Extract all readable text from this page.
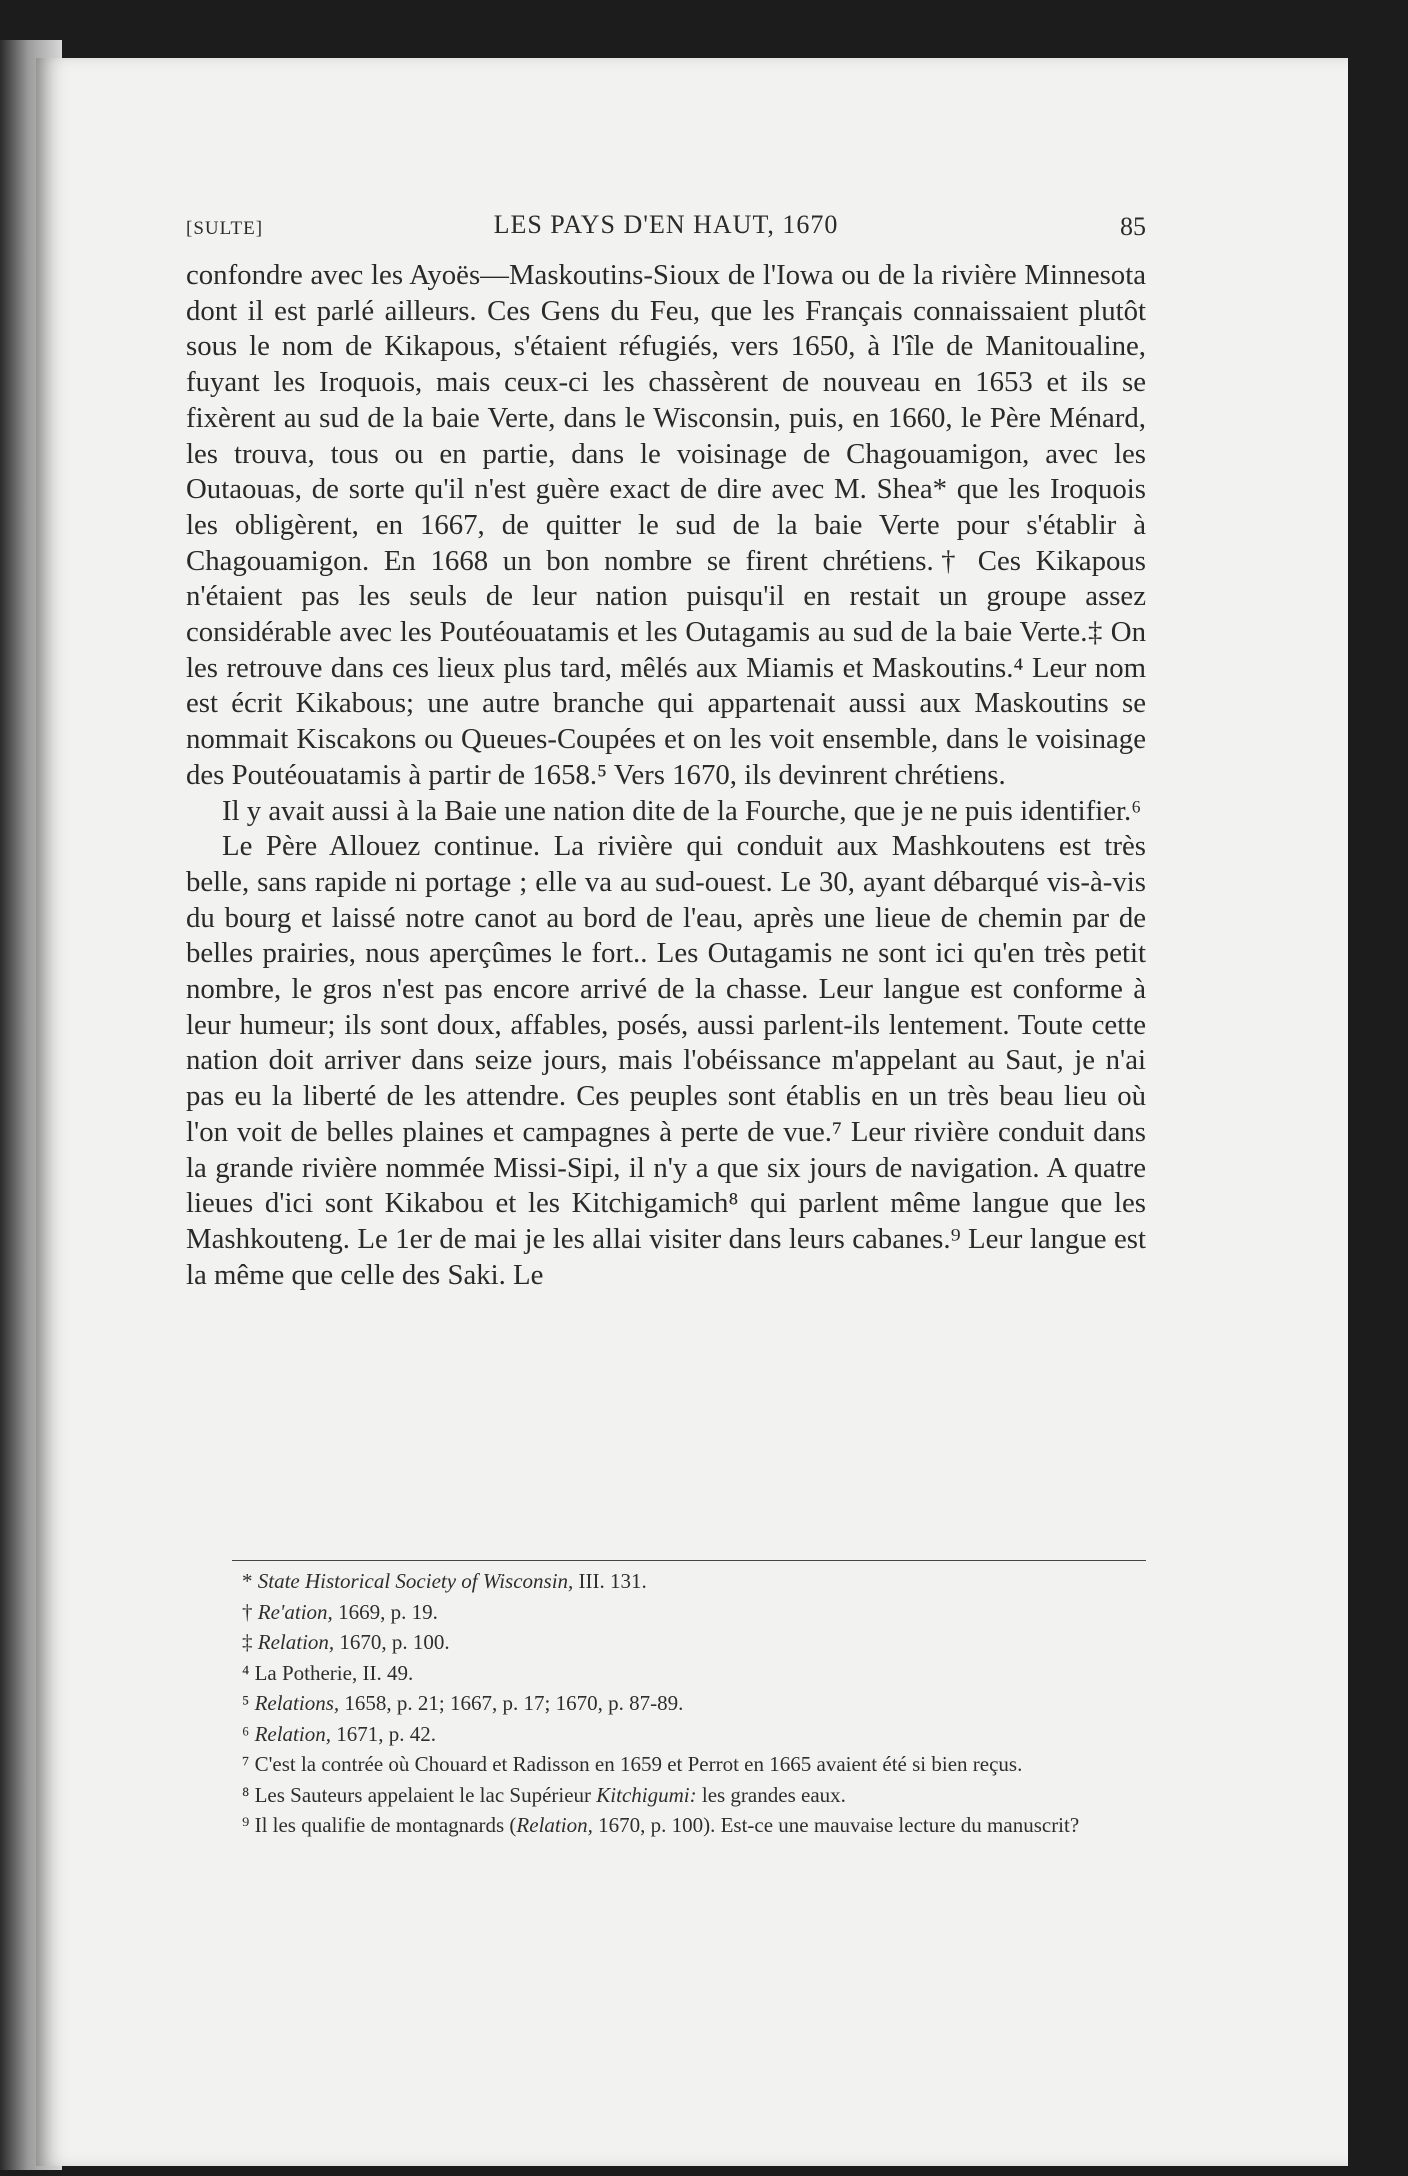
[SULTE]	LES PAYS D'EN HAUT, 1670	85

confondre avec les Ayoës—Maskoutins-Sioux de l'Iowa ou de la rivière Minnesota dont il est parlé ailleurs. Ces Gens du Feu, que les Français connaissaient plutôt sous le nom de Kikapous, s'étaient réfugiés, vers 1650, à l'île de Manitoualine, fuyant les Iroquois, mais ceux-ci les chassèrent de nouveau en 1653 et ils se fixèrent au sud de la baie Verte, dans le Wisconsin, puis, en 1660, le Père Ménard, les trouva, tous ou en partie, dans le voisinage de Chagouamigon, avec les Outaouas, de sorte qu'il n'est guère exact de dire avec M. Shea* que les Iroquois les obligèrent, en 1667, de quitter le sud de la baie Verte pour s'établir à Chagouamigon. En 1668 un bon nombre se firent chrétiens.† Ces Kikapous n'étaient pas les seuls de leur nation puisqu'il en restait un groupe assez considérable avec les Poutéouatamis et les Outagamis au sud de la baie Verte.‡ On les retrouve dans ces lieux plus tard, mêlés aux Miamis et Maskoutins.⁴ Leur nom est écrit Kikabous; une autre branche qui appartenait aussi aux Maskoutins se nommait Kiscakons ou Queues-Coupées et on les voit ensemble, dans le voisinage des Poutéouatamis à partir de 1658.⁵ Vers 1670, ils devinrent chrétiens.

Il y avait aussi à la Baie une nation dite de la Fourche, que je ne puis identifier.⁶

Le Père Allouez continue. La rivière qui conduit aux Mashkoutens est très belle, sans rapide ni portage ; elle va au sud-ouest. Le 30, ayant débarqué vis-à-vis du bourg et laissé notre canot au bord de l'eau, après une lieue de chemin par de belles prairies, nous aperçûmes le fort.. Les Outagamis ne sont ici qu'en très petit nombre, le gros n'est pas encore arrivé de la chasse. Leur langue est conforme à leur humeur; ils sont doux, affables, posés, aussi parlent-ils lentement. Toute cette nation doit arriver dans seize jours, mais l'obéissance m'appelant au Saut, je n'ai pas eu la liberté de les attendre. Ces peuples sont établis en un très beau lieu où l'on voit de belles plaines et campagnes à perte de vue.⁷ Leur rivière conduit dans la grande rivière nommée Missi-Sipi, il n'y a que six jours de navigation. A quatre lieues d'ici sont Kikabou et les Kitchigamich⁸ qui parlent même langue que les Mashkouteng. Le 1er de mai je les allai visiter dans leurs cabanes.⁹ Leur langue est la même que celle des Saki. Le

* State Historical Society of Wisconsin, III. 131.

† Re'ation, 1669, p. 19.

‡ Relation, 1670, p. 100.

⁴ La Potherie, II. 49.

⁵ Relations, 1658, p. 21; 1667, p. 17; 1670, p. 87-89.

⁶ Relation, 1671, p. 42.

⁷ C'est la contrée où Chouard et Radisson en 1659 et Perrot en 1665 avaient été si bien reçus.

⁸ Les Sauteurs appelaient le lac Supérieur Kitchigumi: les grandes eaux.

⁹ Il les qualifie de montagnards (Relation, 1670, p. 100). Est-ce une mauvaise lecture du manuscrit?
